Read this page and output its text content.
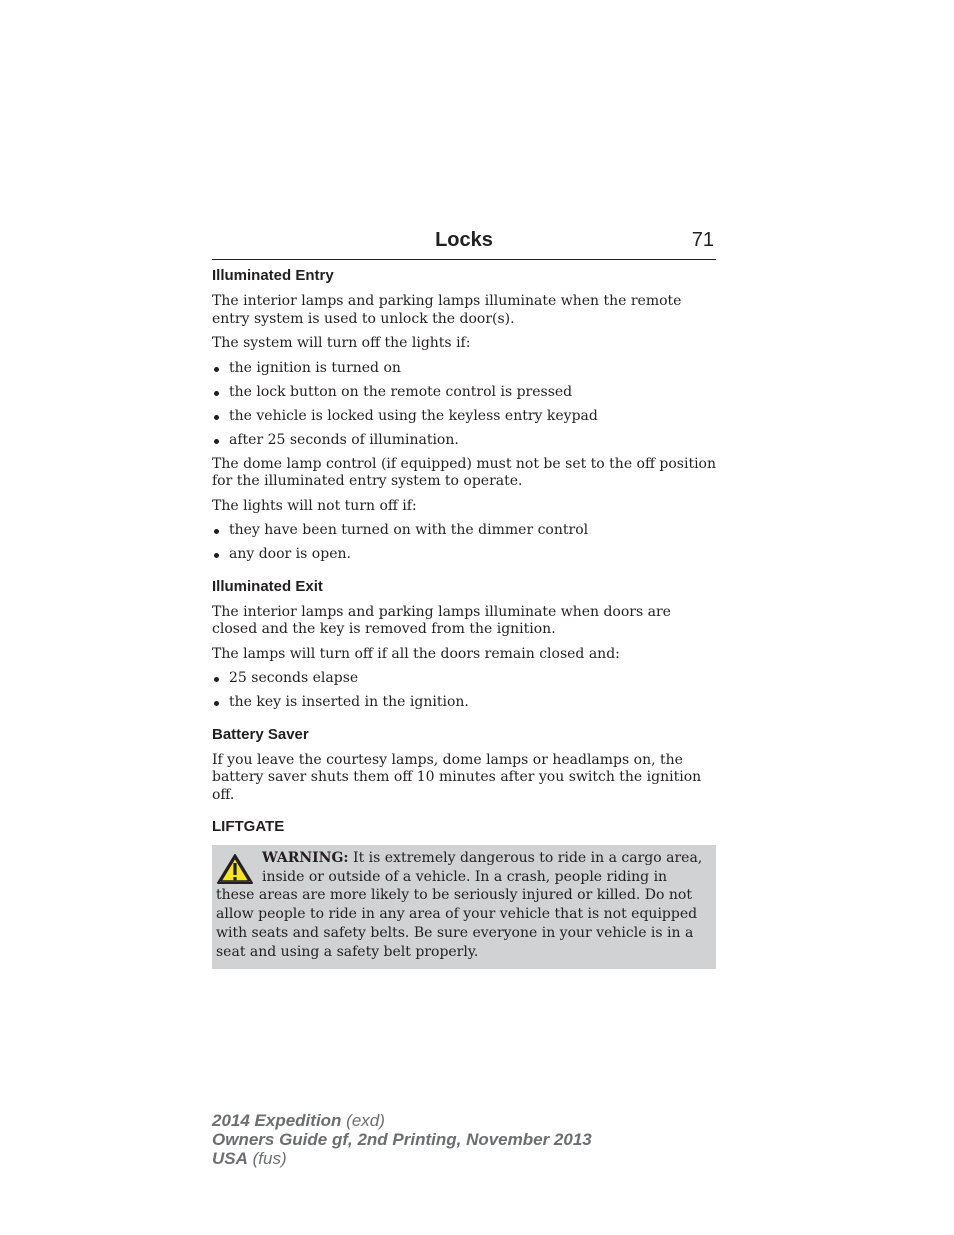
Locks	71
Illuminated Entry

The interior lamps and parking lamps illuminate when the remote entry system is used to unlock the door(s).

The system will turn off the lights if:

the ignition is turned on
the lock button on the remote control is pressed
the vehicle is locked using the keyless entry keypad
after 25 seconds of illumination.

The dome lamp control (if equipped) must not be set to the off position for the illuminated entry system to operate.

The lights will not turn off if:

they have been turned on with the dimmer control
any door is open.
Illuminated Exit

The interior lamps and parking lamps illuminate when doors are closed and the key is removed from the ignition.

The lamps will turn off if all the doors remain closed and:

25 seconds elapse
the key is inserted in the ignition.
Battery Saver

If you leave the courtesy lamps, dome lamps or headlamps on, the battery saver shuts them off 10 minutes after you switch the ignition off.

LIFTGATE
WARNING: It is extremely dangerous to ride in a cargo area, inside or outside of a vehicle. In a crash, people riding in these areas are more likely to be seriously injured or killed. Do not allow people to ride in any area of your vehicle that is not equipped with seats and safety belts. Be sure everyone in your vehicle is in a seat and using a safety belt properly.
2014 Expedition (exd)
Owners Guide gf, 2nd Printing, November 2013
USA (fus)
